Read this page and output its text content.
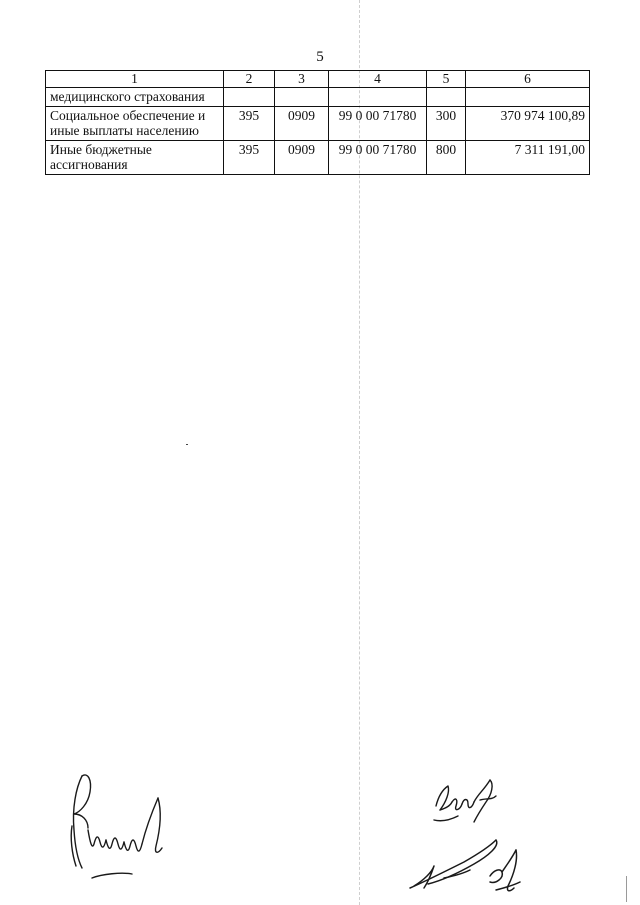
5
1	2	3	4	5	6
медицинского страхования					
Социальное обеспечение и иные выплаты населению	395	0909	99 0 00 71780	300	370 974 100,89
Иные бюджетные ассигнования	395	0909	99 0 00 71780	800	7 311 191,00
